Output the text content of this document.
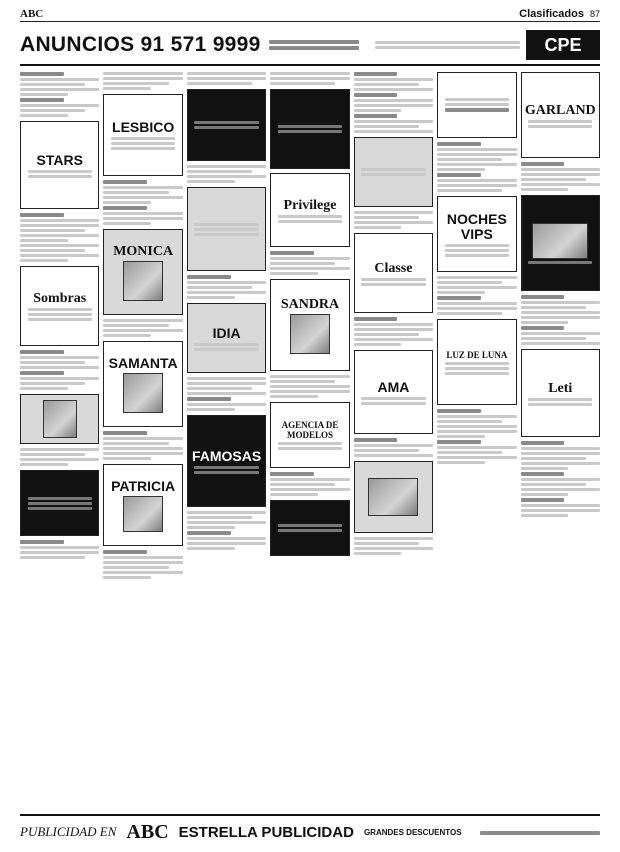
ABC	Clasificados 87
ANUNCIOS 91 571 9999	CPE
STARS
Sombras
LESBICO
MONICA
SAMANTA
PATRICIA
IDIA
FAMOSAS
Privilege
SANDRA
AGENCIA DE MODELOS
Classe
AMA
NOCHES VIPS
LUZ DE LUNA
GARLAND
Leti
PUBLICIDAD EN ABC ESTRELLA PUBLICIDAD GRANDES DESCUENTOS
